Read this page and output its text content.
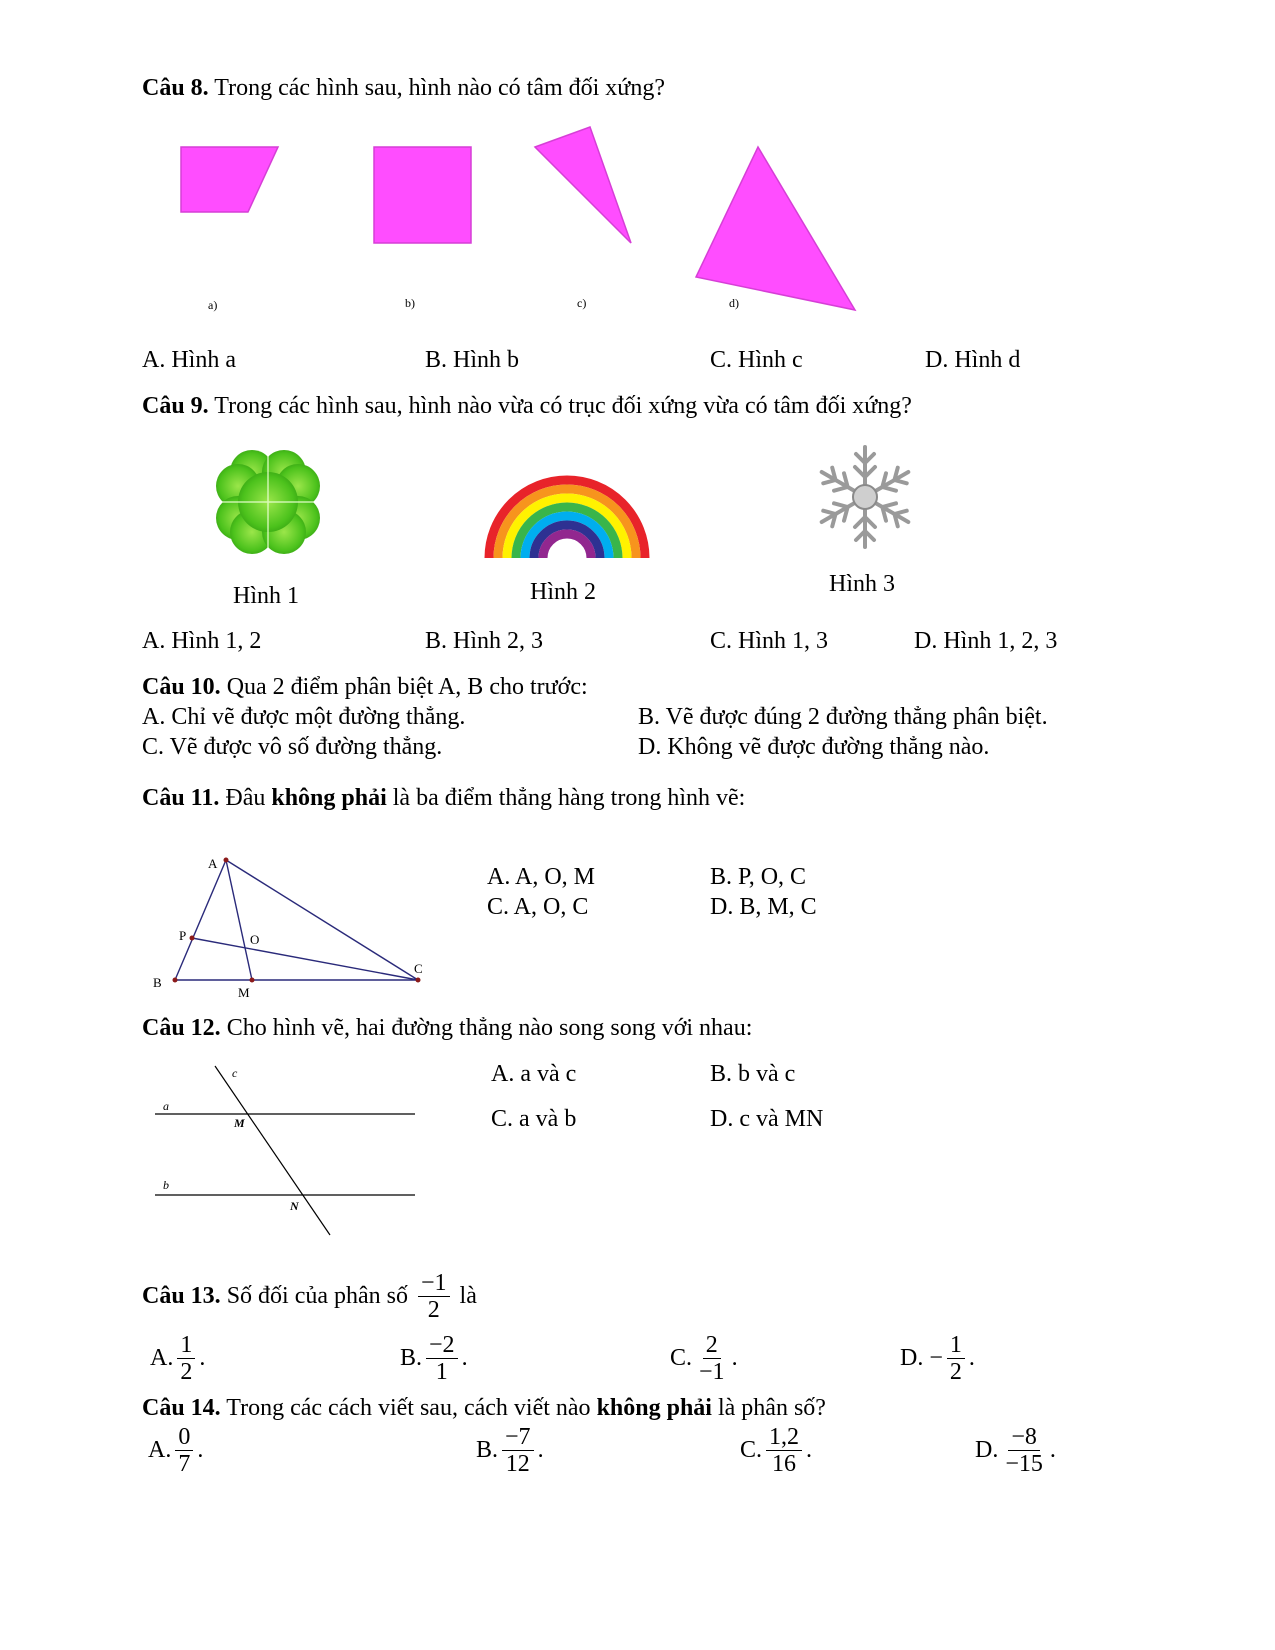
Câu 8. Trong các hình sau, hình nào có tâm đối xứng?
a)	b)	c)	d)
A. Hình a	B. Hình b	C. Hình c	D. Hình d
Câu 9. Trong các hình sau, hình nào vừa có trục đối xứng vừa có tâm đối xứng?
Hình 1	Hình 2	Hình 3
A. Hình 1, 2	B. Hình 2, 3	C. Hình 1, 3	D. Hình 1, 2, 3
Câu 10. Qua 2 điểm phân biệt A, B cho trước:
A. Chỉ vẽ được một đường thẳng.	B. Vẽ được đúng 2 đường thẳng phân biệt.
C. Vẽ được vô số đường thẳng.	D. Không vẽ được đường thẳng nào.
Câu 11. Đâu không phải là ba điểm thẳng hàng trong hình vẽ:
A
P	O
B
M
C
A. A, O, M	B. P, O, C
C. A, O, C	D. B, M, C
Câu 12. Cho hình vẽ, hai đường thẳng nào song song với nhau:
c
a
M
b
N
A. a và c	B. b và c
C. a và b	D. c và MN
Câu 13. Số đối của phân số $\frac{-1}{2}$ là
A. $\frac{1}{2}$ .	B. $\frac{-2}{1}$ .	C. $\frac{2}{-1}$ .	D. − $\frac{1}{2}$ .
Câu 14. Trong các cách viết sau, cách viết nào không phải là phân số?
A. $\frac{0}{7}$ .	B. $\frac{-7}{12}$ .	C. $\frac{1,2}{16}$ .	D. $\frac{-8}{-15}$ .
